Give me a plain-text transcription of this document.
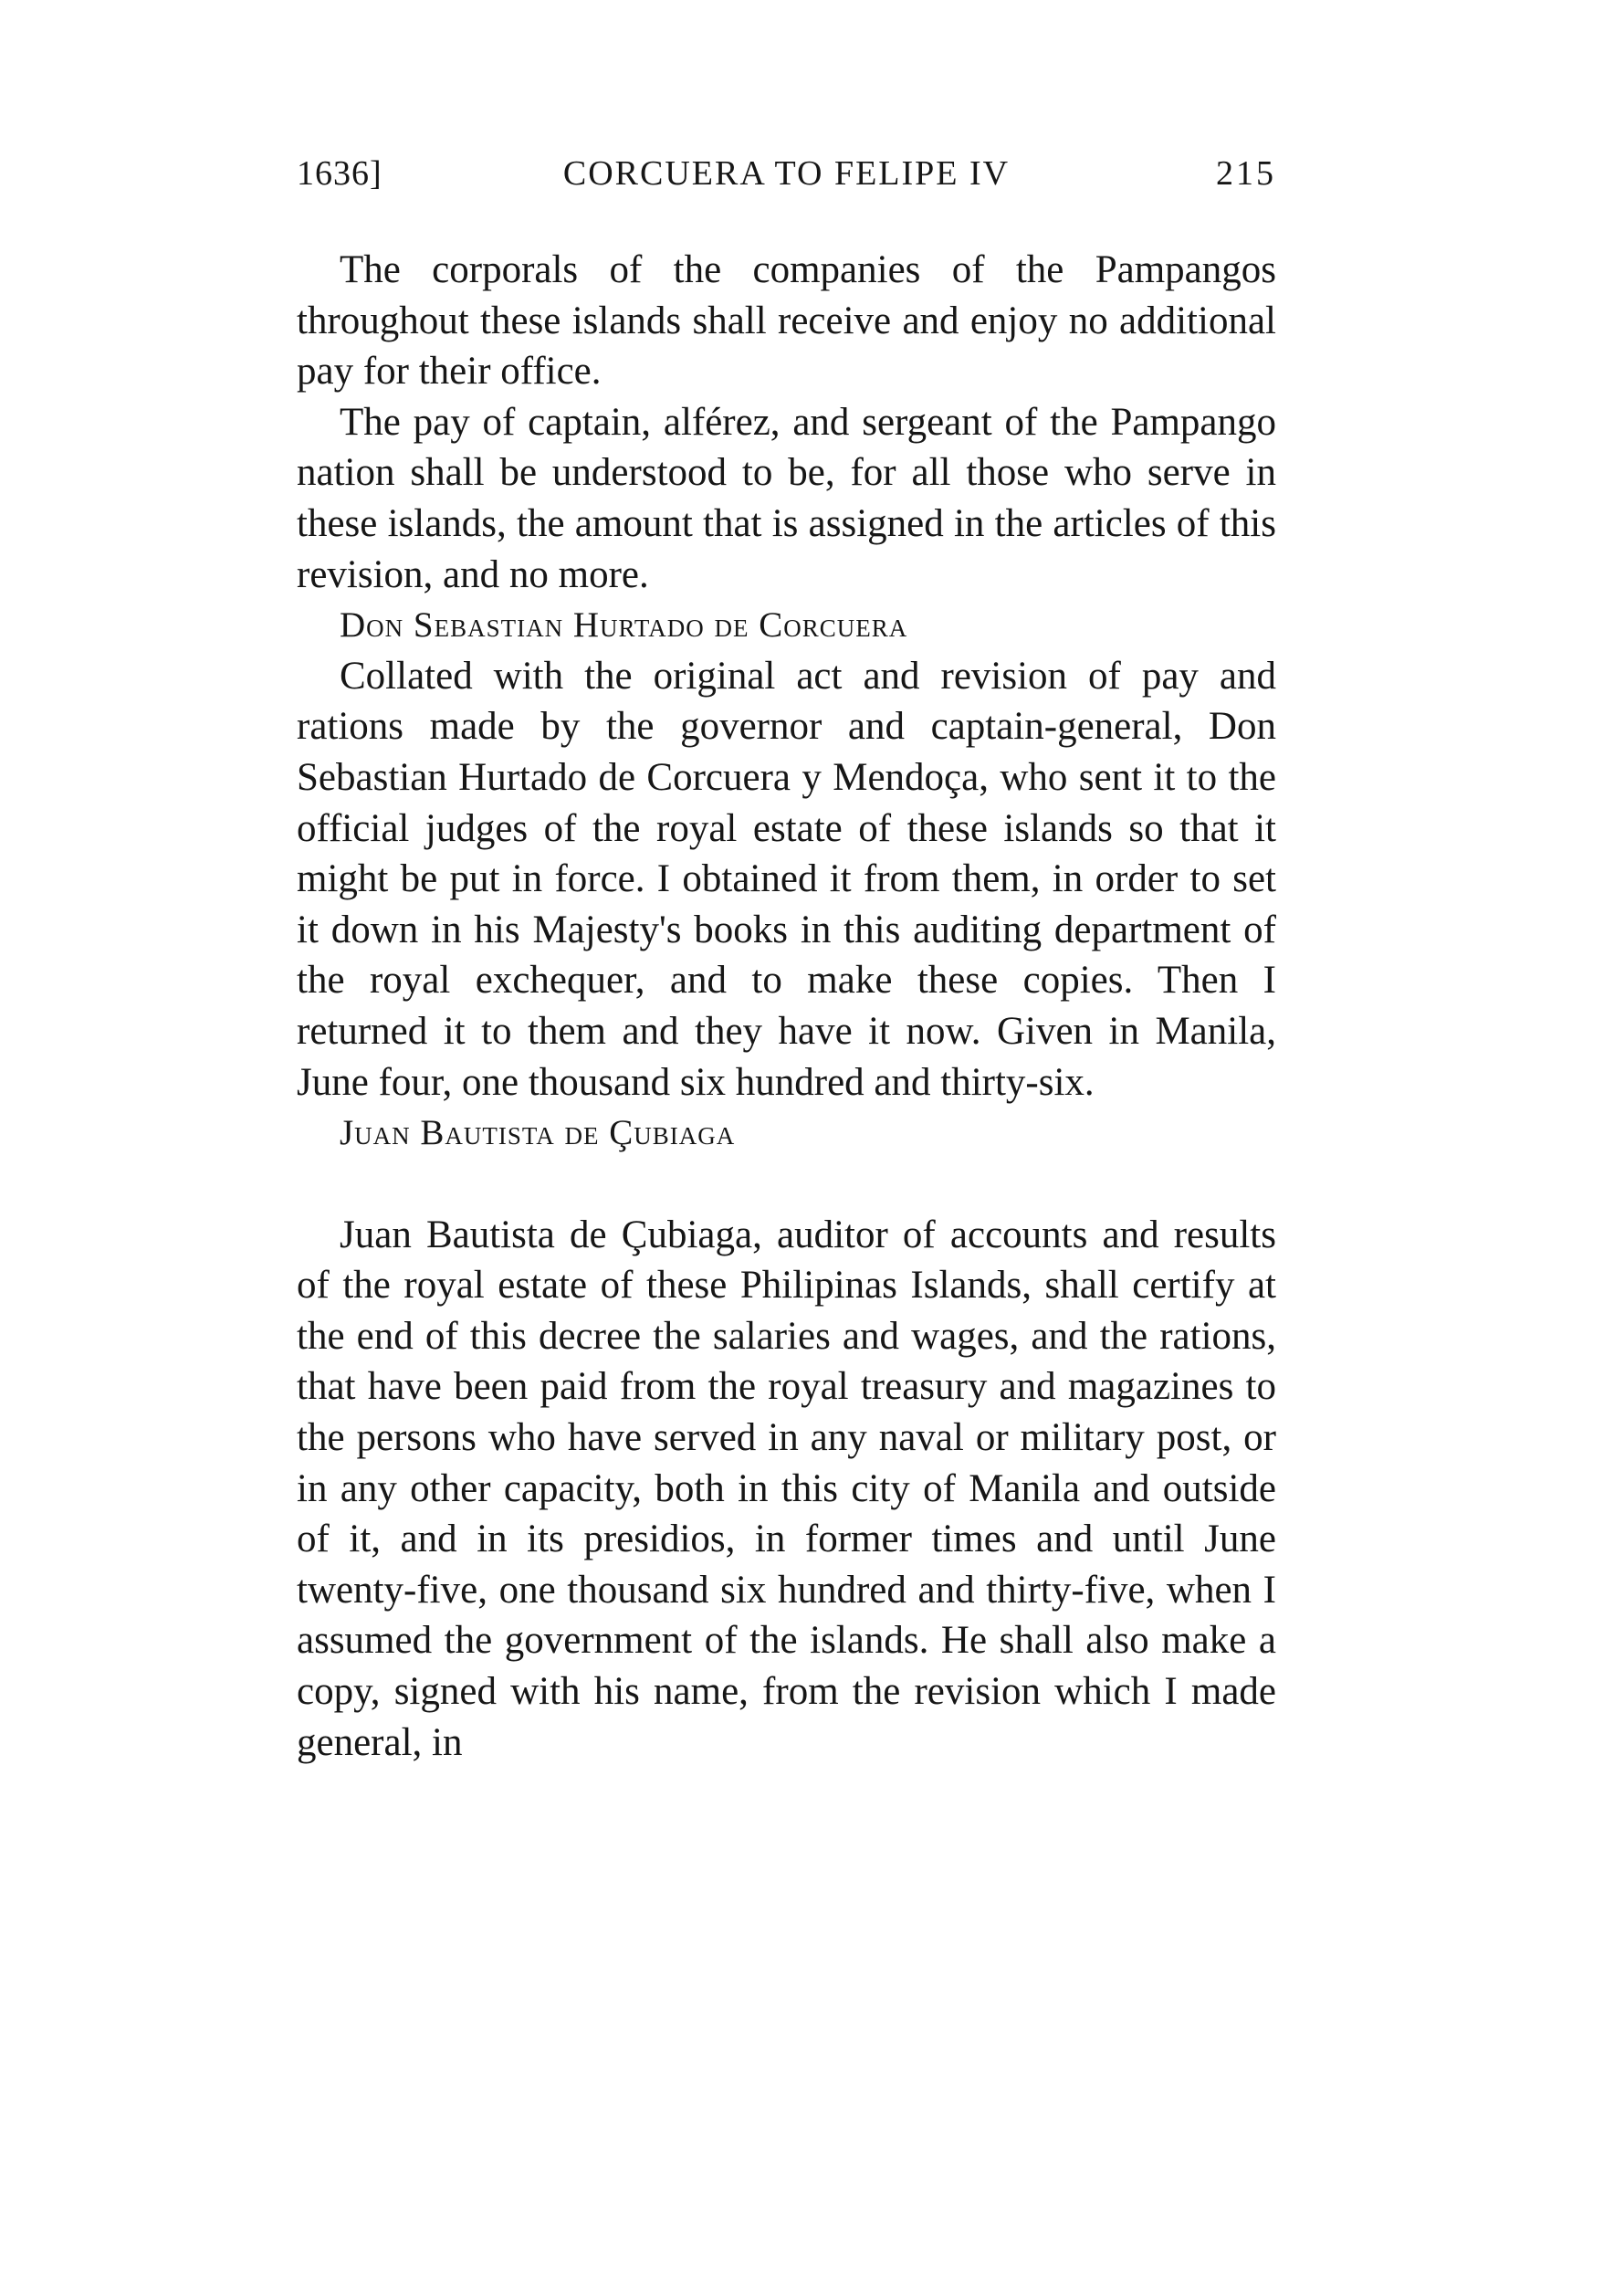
1636]	CORCUERA TO FELIPE IV	215

The corporals of the companies of the Pampangos throughout these islands shall receive and enjoy no additional pay for their office.

The pay of captain, alférez, and sergeant of the Pampango nation shall be understood to be, for all those who serve in these islands, the amount that is assigned in the articles of this revision, and no more.

Don Sebastian Hurtado de Corcuera

Collated with the original act and revision of pay and rations made by the governor and captain-general, Don Sebastian Hurtado de Corcuera y Mendoça, who sent it to the official judges of the royal estate of these islands so that it might be put in force. I obtained it from them, in order to set it down in his Majesty's books in this auditing department of the royal exchequer, and to make these copies. Then I returned it to them and they have it now. Given in Manila, June four, one thousand six hundred and thirty-six.

Juan Bautista de Çubiaga

Juan Bautista de Çubiaga, auditor of accounts and results of the royal estate of these Philipinas Islands, shall certify at the end of this decree the salaries and wages, and the rations, that have been paid from the royal treasury and magazines to the persons who have served in any naval or military post, or in any other capacity, both in this city of Manila and outside of it, and in its presidios, in former times and until June twenty-five, one thousand six hundred and thirty-five, when I assumed the government of the islands. He shall also make a copy, signed with his name, from the revision which I made general, in
